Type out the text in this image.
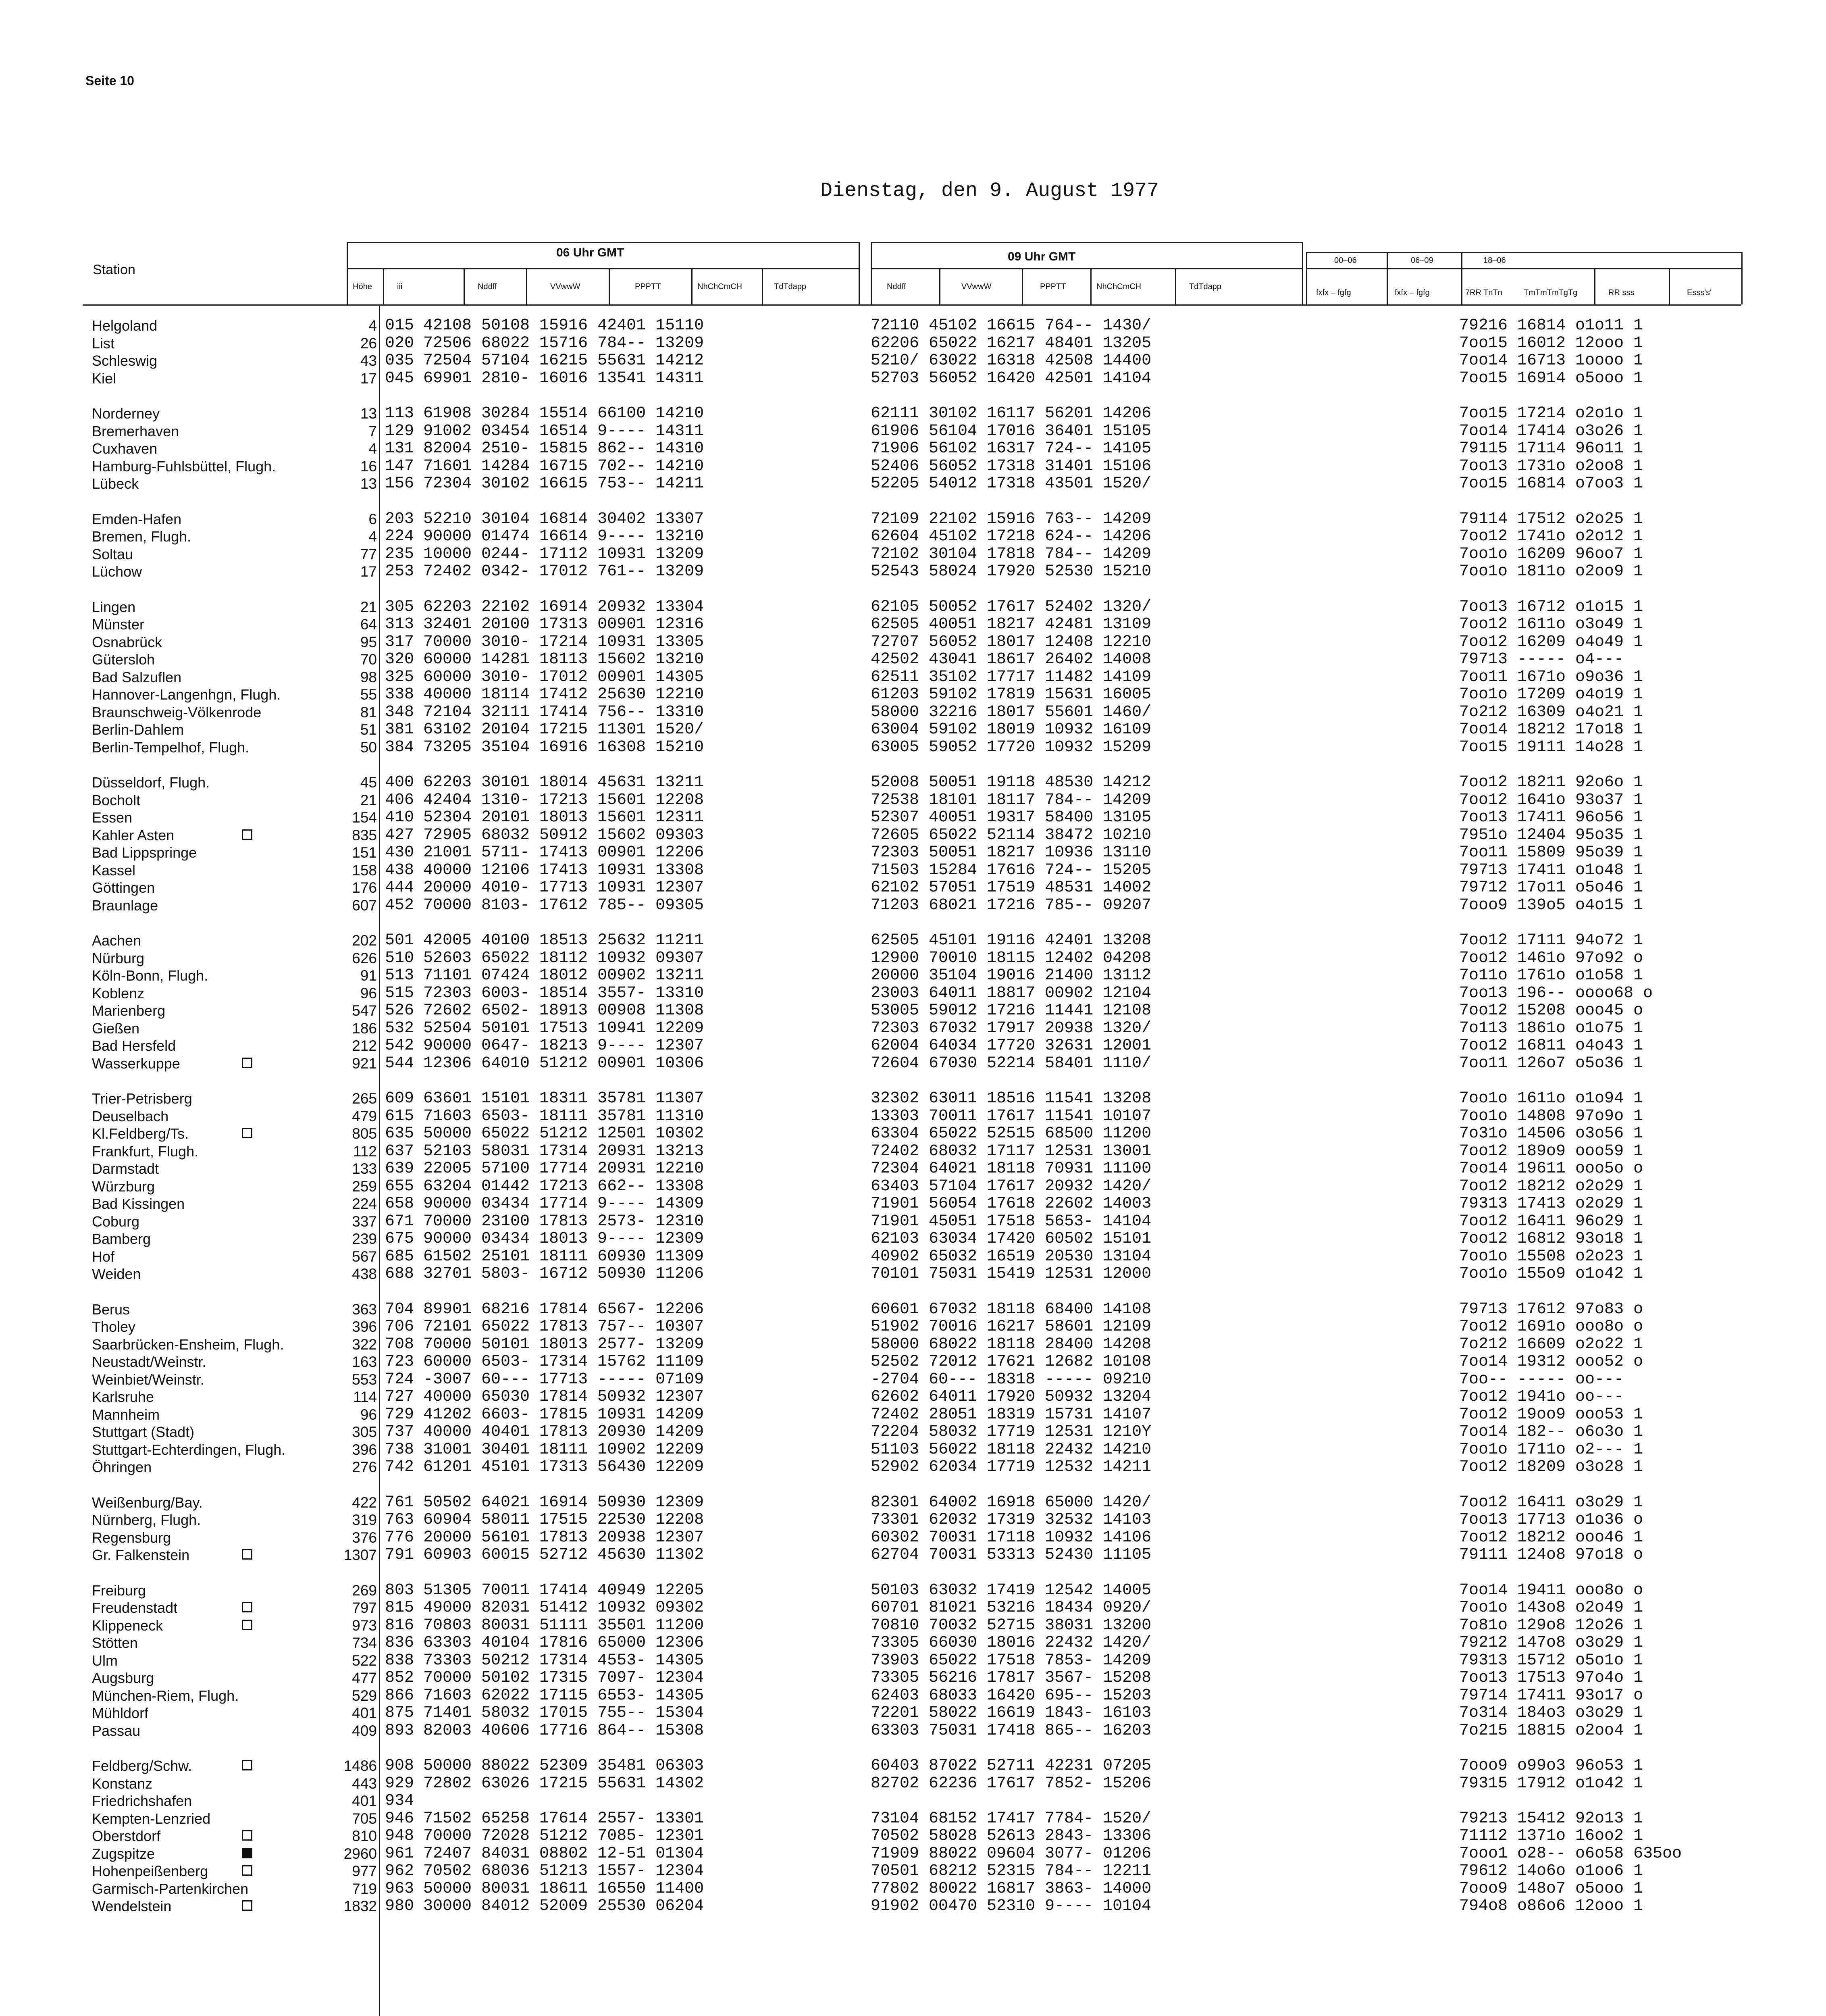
Seite 10
Dienstag, den 9. August 1977
Station
06 Uhr GMT	09 Uhr GMT	00–06	06–09	18–06
Höhe	iii	Nddff	VVwwW	PPPTT	NhChCmCH	TdTdapp	Nddff	VVwwW	PPPTT	NhChCmCH	TdTdapp
fxfx – fgfg	fxfx – fgfg	7RR TnTn	TmTmTmTgTg	RR sss	Esss's'
Helgoland	4 015 42108 50108 15916 42401 15110	72110 45102 16615 764-- 1430/	79216 16814 o1o11 1
List	26 020 72506 68022 15716 784-- 13209	62206 65022 16217 48401 13205	7oo15 16012 12ooo 1
Schleswig	43 035 72504 57104 16215 55631 14212	5210/ 63022 16318 42508 14400	7oo14 16713 1oooo 1
Kiel	17 045 69901 2810- 16016 13541 14311	52703 56052 16420 42501 14104	7oo15 16914 o5ooo 1
Norderney	13 113 61908 30284 15514 66100 14210	62111 30102 16117 56201 14206	7oo15 17214 o2o1o 1
Bremerhaven	7 129 91002 03454 16514 9---- 14311	61906 56104 17016 36401 15105	7oo14 17414 o3o26 1
Cuxhaven	4 131 82004 2510- 15815 862-- 14310	71906 56102 16317 724-- 14105	79115 17114 96o11 1
Hamburg-Fuhlsbüttel, Flugh.	16 147 71601 14284 16715 702-- 14210	52406 56052 17318 31401 15106	7oo13 1731o o2oo8 1
Lübeck	13 156 72304 30102 16615 753-- 14211	52205 54012 17318 43501 1520/	7oo15 16814 o7oo3 1
Emden-Hafen	6 203 52210 30104 16814 30402 13307	72109 22102 15916 763-- 14209	79114 17512 o2o25 1
Bremen, Flugh.	4 224 90000 01474 16614 9---- 13210	62604 45102 17218 624-- 14206	7oo12 1741o o2o12 1
Soltau	77 235 10000 0244- 17112 10931 13209	72102 30104 17818 784-- 14209	7oo1o 16209 96oo7 1
Lüchow	17 253 72402 0342- 17012 761-- 13209	52543 58024 17920 52530 15210	7oo1o 1811o o2oo9 1
Lingen	21 305 62203 22102 16914 20932 13304	62105 50052 17617 52402 1320/	7oo13 16712 o1o15 1
Münster	64 313 32401 20100 17313 00901 12316	62505 40051 18217 42481 13109	7oo12 1611o o3o49 1
Osnabrück	95 317 70000 3010- 17214 10931 13305	72707 56052 18017 12408 12210	7oo12 16209 o4o49 1
Gütersloh	70 320 60000 14281 18113 15602 13210	42502 43041 18617 26402 14008	79713 ----- o4---
Bad Salzuflen	98 325 60000 3010- 17012 00901 14305	62511 35102 17717 11482 14109	7oo11 1671o o9o36 1
Hannover-Langenhgn, Flugh.	55 338 40000 18114 17412 25630 12210	61203 59102 17819 15631 16005	7oo1o 17209 o4o19 1
Braunschweig-Völkenrode	81 348 72104 32111 17414 756-- 13310	58000 32216 18017 55601 1460/	7o212 16309 o4o21 1
Berlin-Dahlem	51 381 63102 20104 17215 11301 1520/	63004 59102 18019 10932 16109	7oo14 18212 17o18 1
Berlin-Tempelhof, Flugh.	50 384 73205 35104 16916 16308 15210	63005 59052 17720 10932 15209	7oo15 19111 14o28 1
Düsseldorf, Flugh.	45 400 62203 30101 18014 45631 13211	52008 50051 19118 48530 14212	7oo12 18211 92o6o 1
Bocholt	21 406 42404 1310- 17213 15601 12208	72538 18101 18117 784-- 14209	7oo12 1641o 93o37 1
Essen	154 410 52304 20101 18013 15601 12311	52307 40051 19317 58400 13105	7oo13 17411 96o56 1
Kahler Asten	835 427 72905 68032 50912 15602 09303	72605 65022 52114 38472 10210	7951o 12404 95o35 1
Bad Lippspringe	151 430 21001 5711- 17413 00901 12206	72303 50051 18217 10936 13110	7oo11 15809 95o39 1
Kassel	158 438 40000 12106 17413 10931 13308	71503 15284 17616 724-- 15205	79713 17411 o1o48 1
Göttingen	176 444 20000 4010- 17713 10931 12307	62102 57051 17519 48531 14002	79712 17o11 o5o46 1
Braunlage	607 452 70000 8103- 17612 785-- 09305	71203 68021 17216 785-- 09207	7ooo9 139o5 o4o15 1
Aachen	202 501 42005 40100 18513 25632 11211	62505 45101 19116 42401 13208	7oo12 17111 94o72 1
Nürburg	626 510 52603 65022 18112 10932 09307	12900 70010 18115 12402 04208	7oo12 1461o 97o92 o
Köln-Bonn, Flugh.	91 513 71101 07424 18012 00902 13211	20000 35104 19016 21400 13112	7o11o 1761o o1o58 1
Koblenz	96 515 72303 6003- 18514 3557- 13310	23003 64011 18817 00902 12104	7oo13 196-- oooo68 o
Marienberg	547 526 72602 6502- 18913 00908 11308	53005 59012 17216 11441 12108	7oo12 15208 ooo45 o
Gießen	186 532 52504 50101 17513 10941 12209	72303 67032 17917 20938 1320/	7o113 1861o o1o75 1
Bad Hersfeld	212 542 90000 0647- 18213 9---- 12307	62004 64034 17720 32631 12001	7oo12 16811 o4o43 1
Wasserkuppe	921 544 12306 64010 51212 00901 10306	72604 67030 52214 58401 1110/	7oo11 126o7 o5o36 1
Trier-Petrisberg	265 609 63601 15101 18311 35781 11307	32302 63011 18516 11541 13208	7oo1o 1611o o1o94 1
Deuselbach	479 615 71603 6503- 18111 35781 11310	13303 70011 17617 11541 10107	7oo1o 14808 97o9o 1
Kl.Feldberg/Ts.	805 635 50000 65022 51212 12501 10302	63304 65022 52515 68500 11200	7o31o 14506 o3o56 1
Frankfurt, Flugh.	112 637 52103 58031 17314 20931 13213	72402 68032 17117 12531 13001	7oo12 189o9 ooo59 1
Darmstadt	133 639 22005 57100 17714 20931 12210	72304 64021 18118 70931 11100	7oo14 19611 ooo5o o
Würzburg	259 655 63204 01442 17213 662-- 13308	63403 57104 17617 20932 1420/	7oo12 18212 o2o29 1
Bad Kissingen	224 658 90000 03434 17714 9---- 14309	71901 56054 17618 22602 14003	79313 17413 o2o29 1
Coburg	337 671 70000 23100 17813 2573- 12310	71901 45051 17518 5653- 14104	7oo12 16411 96o29 1
Bamberg	239 675 90000 03434 18013 9---- 12309	62103 63034 17420 60502 15101	7oo12 16812 93o18 1
Hof	567 685 61502 25101 18111 60930 11309	40902 65032 16519 20530 13104	7oo1o 15508 o2o23 1
Weiden	438 688 32701 5803- 16712 50930 11206	70101 75031 15419 12531 12000	7oo1o 155o9 o1o42 1
Berus	363 704 89901 68216 17814 6567- 12206	60601 67032 18118 68400 14108	79713 17612 97o83 o
Tholey	396 706 72101 65022 17813 757-- 10307	51902 70016 16217 58601 12109	7oo12 1691o ooo8o o
Saarbrücken-Ensheim, Flugh.	322 708 70000 50101 18013 2577- 13209	58000 68022 18118 28400 14208	7o212 16609 o2o22 1
Neustadt/Weinstr.	163 723 60000 6503- 17314 15762 11109	52502 72012 17621 12682 10108	7oo14 19312 ooo52 o
Weinbiet/Weinstr.	553 724 -3007 60--- 17713 ----- 07109	-2704 60--- 18318 ----- 09210	7oo-- ----- oo---
Karlsruhe	114 727 40000 65030 17814 50932 12307	62602 64011 17920 50932 13204	7oo12 1941o oo---
Mannheim	96 729 41202 6603- 17815 10931 14209	72402 28051 18319 15731 14107	7oo12 19oo9 ooo53 1
Stuttgart (Stadt)	305 737 40000 40401 17813 20930 14209	72204 58032 17719 12531 1210Y	7oo14 182-- o6o3o 1
Stuttgart-Echterdingen, Flugh.	396 738 31001 30401 18111 10902 12209	51103 56022 18118 22432 14210	7oo1o 1711o o2--- 1
Öhringen	276 742 61201 45101 17313 56430 12209	52902 62034 17719 12532 14211	7oo12 18209 o3o28 1
Weißenburg/Bay.	422 761 50502 64021 16914 50930 12309	82301 64002 16918 65000 1420/	7oo12 16411 o3o29 1
Nürnberg, Flugh.	319 763 60904 58011 17515 22530 12208	73301 62032 17319 32532 14103	7oo13 17713 o1o36 o
Regensburg	376 776 20000 56101 17813 20938 12307	60302 70031 17118 10932 14106	7oo12 18212 ooo46 1
Gr. Falkenstein	1307 791 60903 60015 52712 45630 11302	62704 70031 53313 52430 11105	79111 124o8 97o18 o
Freiburg	269 803 51305 70011 17414 40949 12205	50103 63032 17419 12542 14005	7oo14 19411 ooo8o o
Freudenstadt	797 815 49000 82031 51412 10932 09302	60701 81021 53216 18434 0920/	7oo1o 143o8 o2o49 1
Klippeneck	973 816 70803 80031 51111 35501 11200	70810 70032 52715 38031 13200	7o81o 129o8 12o26 1
Stötten	734 836 63303 40104 17816 65000 12306	73305 66030 18016 22432 1420/	79212 147o8 o3o29 1
Ulm	522 838 73303 50212 17314 4553- 14305	73903 65022 17518 7853- 14209	79313 15712 o5o1o 1
Augsburg	477 852 70000 50102 17315 7097- 12304	73305 56216 17817 3567- 15208	7oo13 17513 97o4o 1
München-Riem, Flugh.	529 866 71603 62022 17115 6553- 14305	62403 68033 16420 695-- 15203	79714 17411 93o17 o
Mühldorf	401 875 71401 58032 17015 755-- 15304	72201 58022 16619 1843- 16103	7o314 184o3 o3o29 1
Passau	409 893 82003 40606 17716 864-- 15308	63303 75031 17418 865-- 16203	7o215 18815 o2oo4 1
Feldberg/Schw.	1486 908 50000 88022 52309 35481 06303	60403 87022 52711 42231 07205	7ooo9 o99o3 96o53 1
Konstanz	443 929 72802 63026 17215 55631 14302	82702 62236 17617 7852- 15206	79315 17912 o1o42 1
Friedrichshafen	401 934
Kempten-Lenzried	705 946 71502 65258 17614 2557- 13301	73104 68152 17417 7784- 1520/	79213 15412 92o13 1
Oberstdorf	810 948 70000 72028 51212 7085- 12301	70502 58028 52613 2843- 13306	71112 1371o 16oo2 1
Zugspitze	2960 961 72407 84031 08802 12-51 01304	71909 88022 09604 3077- 01206	7ooo1 o28-- o6o58 635oo
Hohenpeißenberg	977 962 70502 68036 51213 1557- 12304	70501 68212 52315 784-- 12211	79612 14o6o o1oo6 1
Garmisch-Partenkirchen	719 963 50000 80031 18611 16550 11400	77802 80022 16817 3863- 14000	7ooo9 148o7 o5ooo 1
Wendelstein	1832 980 30000 84012 52009 25530 06204	91902 00470 52310 9---- 10104	794o8 o86o6 12ooo 1
